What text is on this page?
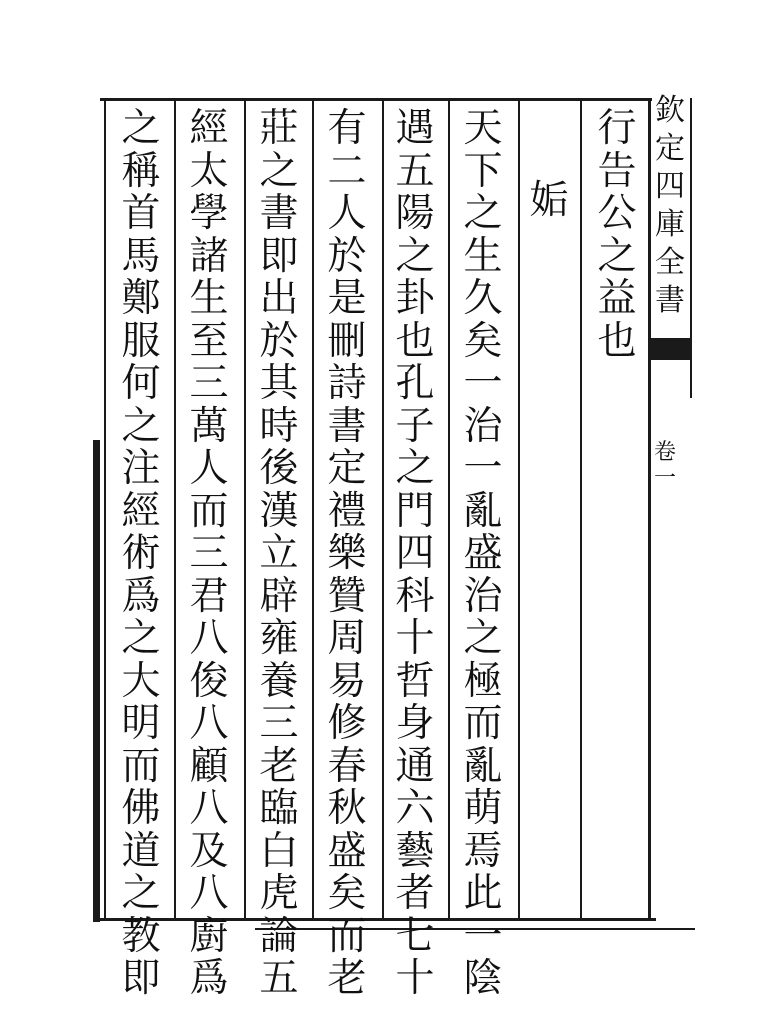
欽
定
四
庫
全
書
卷
一
行
告
公
之
益
也
姤
天
下
之
生
久
矣
一
治
一
亂
盛
治
之
極
而
亂
萌
焉
此
一
陰
遇
五
陽
之
卦
也
孔
子
之
門
四
科
十
哲
身
通
六
藝
者
七
十
有
二
人
於
是
刪
詩
書
定
禮
樂
贊
周
易
修
春
秋
盛
矣
而
老
莊
之
書
即
出
於
其
時
後
漢
立
辟
雍
養
三
老
臨
白
虎
論
五
經
太
學
諸
生
至
三
萬
人
而
三
君
八
俊
八
顧
八
及
八
廚
爲
之
稱
首
馬
鄭
服
何
之
注
經
術
爲
之
大
明
而
佛
道
之
教
即
